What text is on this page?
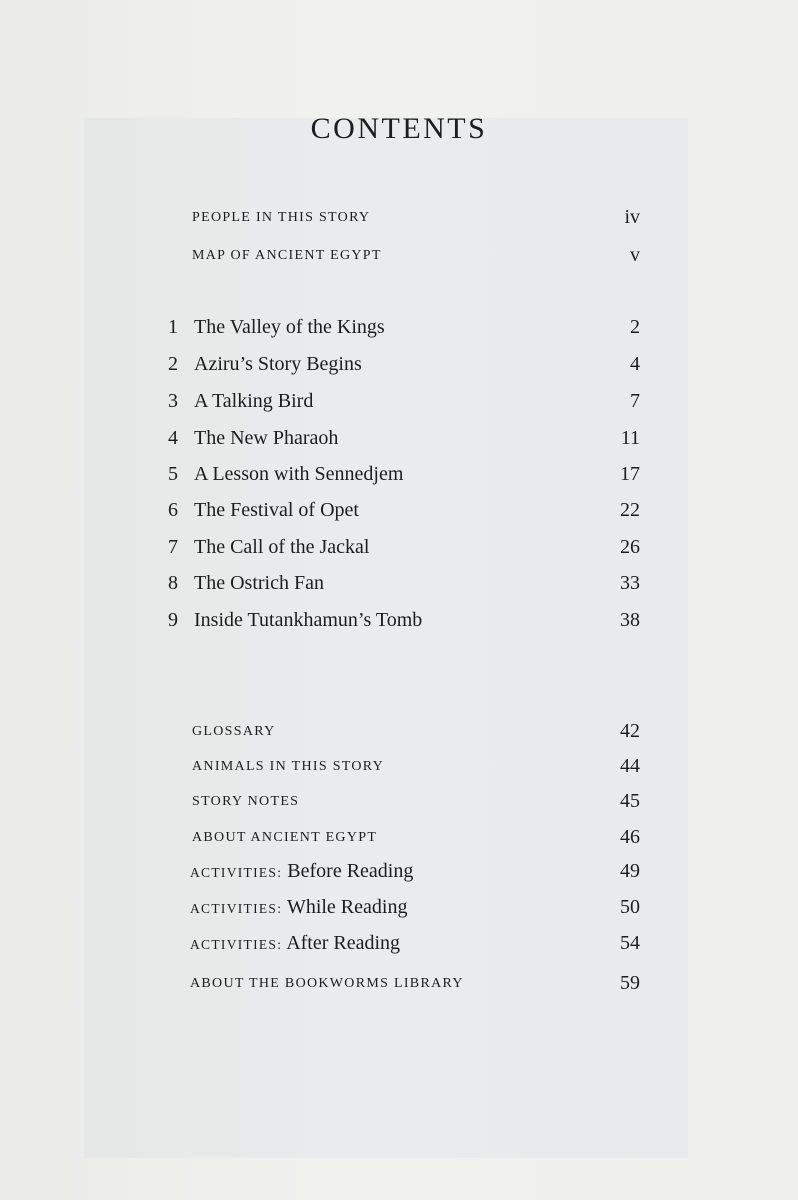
CONTENTS
PEOPLE IN THIS STORY	iv
MAP OF ANCIENT EGYPT	v
1 The Valley of the Kings	2
2 Aziru’s Story Begins	4
3 A Talking Bird	7
4 The New Pharaoh	11
5 A Lesson with Sennedjem	17
6 The Festival of Opet	22
7 The Call of the Jackal	26
8 The Ostrich Fan	33
9 Inside Tutankhamun’s Tomb	38
GLOSSARY	42
ANIMALS IN THIS STORY	44
STORY NOTES	45
ABOUT ANCIENT EGYPT	46
ACTIVITIES: Before Reading	49
ACTIVITIES: While Reading	50
ACTIVITIES: After Reading	54
ABOUT THE BOOKWORMS LIBRARY	59
